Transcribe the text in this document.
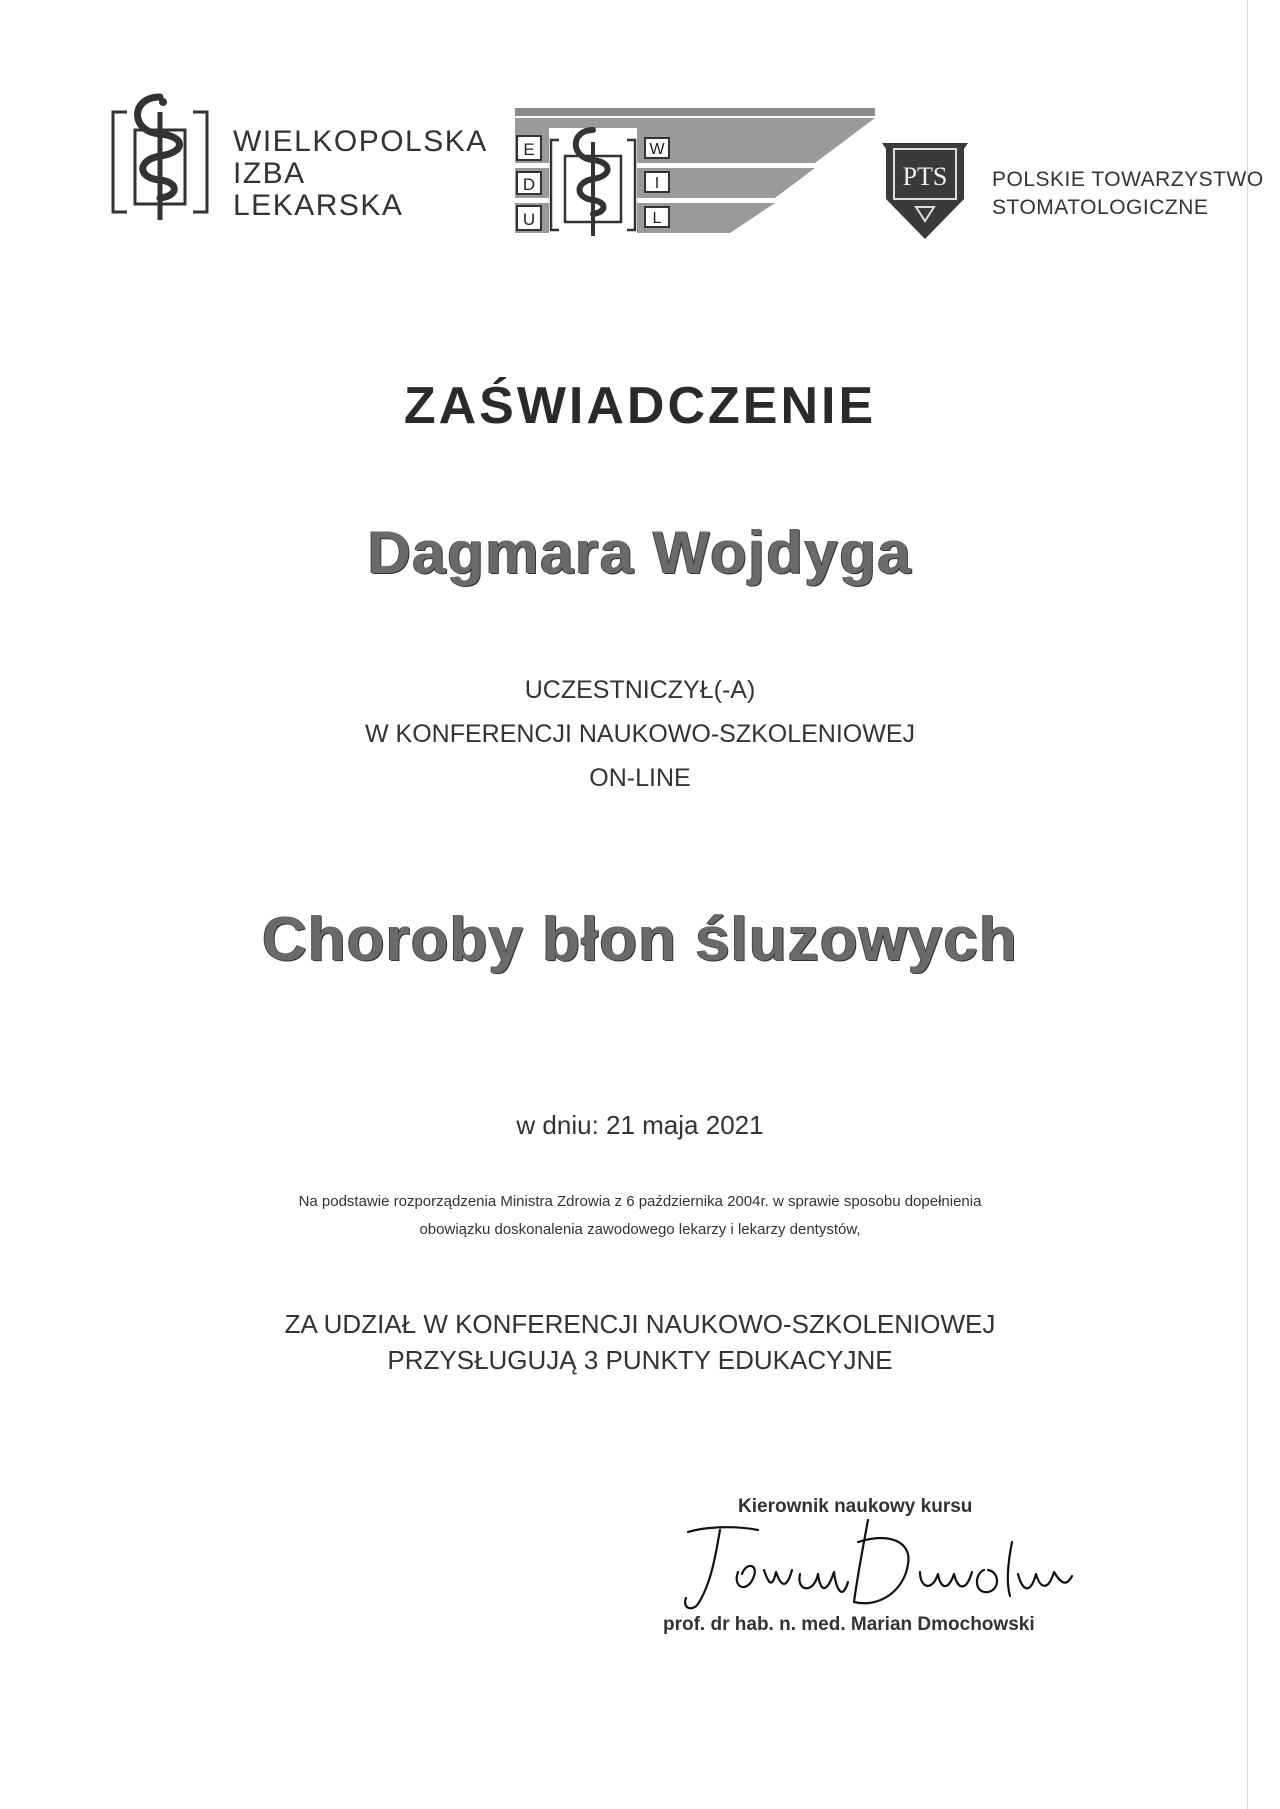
WIELKOPOLSKA
IZBA
LEKARSKA
E
D
U
W
I
L
PTS POLSKIE TOWARZYSTWO
STOMATOLOGICZNE
ZAŚWIADCZENIE
Dagmara Wojdyga
UCZESTNICZYŁ(-A)
W KONFERENCJI NAUKOWO-SZKOLENIOWEJ
ON-LINE
Choroby błon śluzowych
w dniu: 21 maja 2021
Na podstawie rozporządzenia Ministra Zdrowia z 6 października 2004r. w sprawie sposobu dopełnienia
obowiązku doskonalenia zawodowego lekarzy i lekarzy dentystów,
ZA UDZIAŁ W KONFERENCJI NAUKOWO-SZKOLENIOWEJ
PRZYSŁUGUJĄ 3 PUNKTY EDUKACYJNE
Kierownik naukowy kursu
prof. dr hab. n. med. Marian Dmochowski
